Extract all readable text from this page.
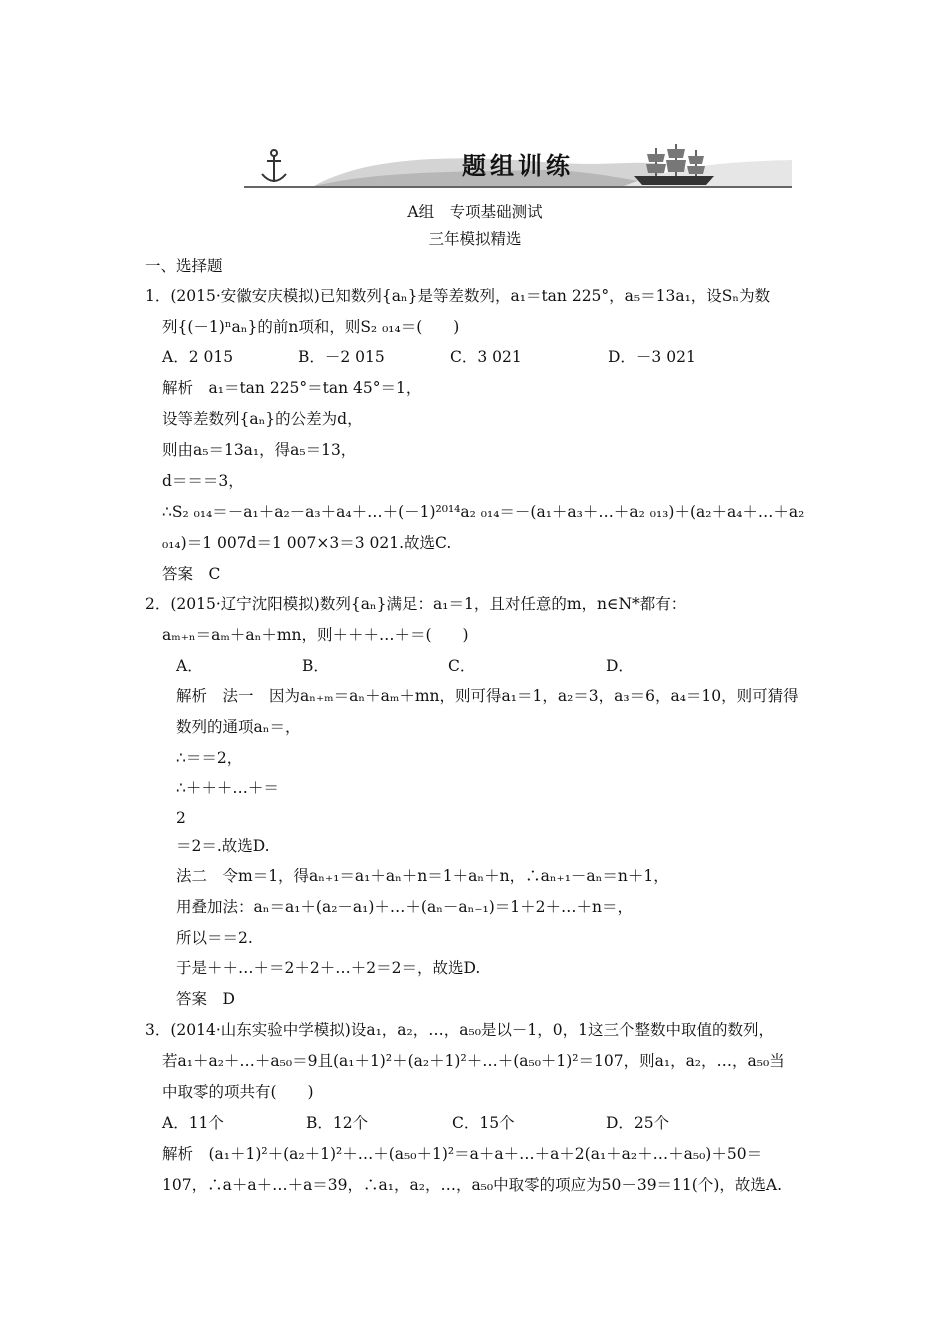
题组训练
A组　专项基础测试
三年模拟精选
一、选择题
1．(2015·安徽安庆模拟)已知数列{aₙ}是等差数列，a₁＝tan 225°，a₅＝13a₁，设Sₙ为数
列{(－1)ⁿaₙ}的前n项和，则S₂ ₀₁₄＝(　　)
A．2 015	B．－2 015	C．3 021	D．－3 021
解析　a₁＝tan 225°＝tan 45°＝1，
设等差数列{aₙ}的公差为d，
则由a₅＝13a₁，得a₅＝13，
d＝＝＝3，
∴S₂ ₀₁₄＝－a₁＋a₂－a₃＋a₄＋…＋(－1)²⁰¹⁴a₂ ₀₁₄＝－(a₁＋a₃＋…＋a₂ ₀₁₃)＋(a₂＋a₄＋…＋a₂
₀₁₄)＝1 007d＝1 007×3＝3 021.故选C.
答案　C
2．(2015·辽宁沈阳模拟)数列{aₙ}满足：a₁＝1，且对任意的m，n∈N*都有：
aₘ₊ₙ＝aₘ＋aₙ＋mn，则＋＋＋…＋＝(　　)
A．	B．	C．	D．
解析　法一　因为aₙ₊ₘ＝aₙ＋aₘ＋mn，则可得a₁＝1，a₂＝3，a₃＝6，a₄＝10，则可猜得
数列的通项aₙ＝，
∴＝＝2，
∴＋＋＋…＋＝
2
＝2＝.故选D.
法二　令m＝1，得aₙ₊₁＝a₁＋aₙ＋n＝1＋aₙ＋n，∴aₙ₊₁－aₙ＝n＋1，
用叠加法：aₙ＝a₁＋(a₂－a₁)＋…＋(aₙ－aₙ₋₁)＝1＋2＋…＋n＝，
所以＝＝2.
于是＋＋…＋＝2＋2＋…＋2＝2＝，故选D.
答案　D
3．(2014·山东实验中学模拟)设a₁，a₂，…，a₅₀是以－1，0，1这三个整数中取值的数列，
若a₁＋a₂＋…＋a₅₀＝9且(a₁＋1)²＋(a₂＋1)²＋…＋(a₅₀＋1)²＝107，则a₁，a₂，…，a₅₀当
中取零的项共有(　　)
A．11个	B．12个	C．15个	D．25个
解析　(a₁＋1)²＋(a₂＋1)²＋…＋(a₅₀＋1)²＝a＋a＋…＋a＋2(a₁＋a₂＋…＋a₅₀)＋50＝
107，∴a＋a＋…＋a＝39，∴a₁，a₂，…，a₅₀中取零的项应为50－39＝11(个)，故选A.
